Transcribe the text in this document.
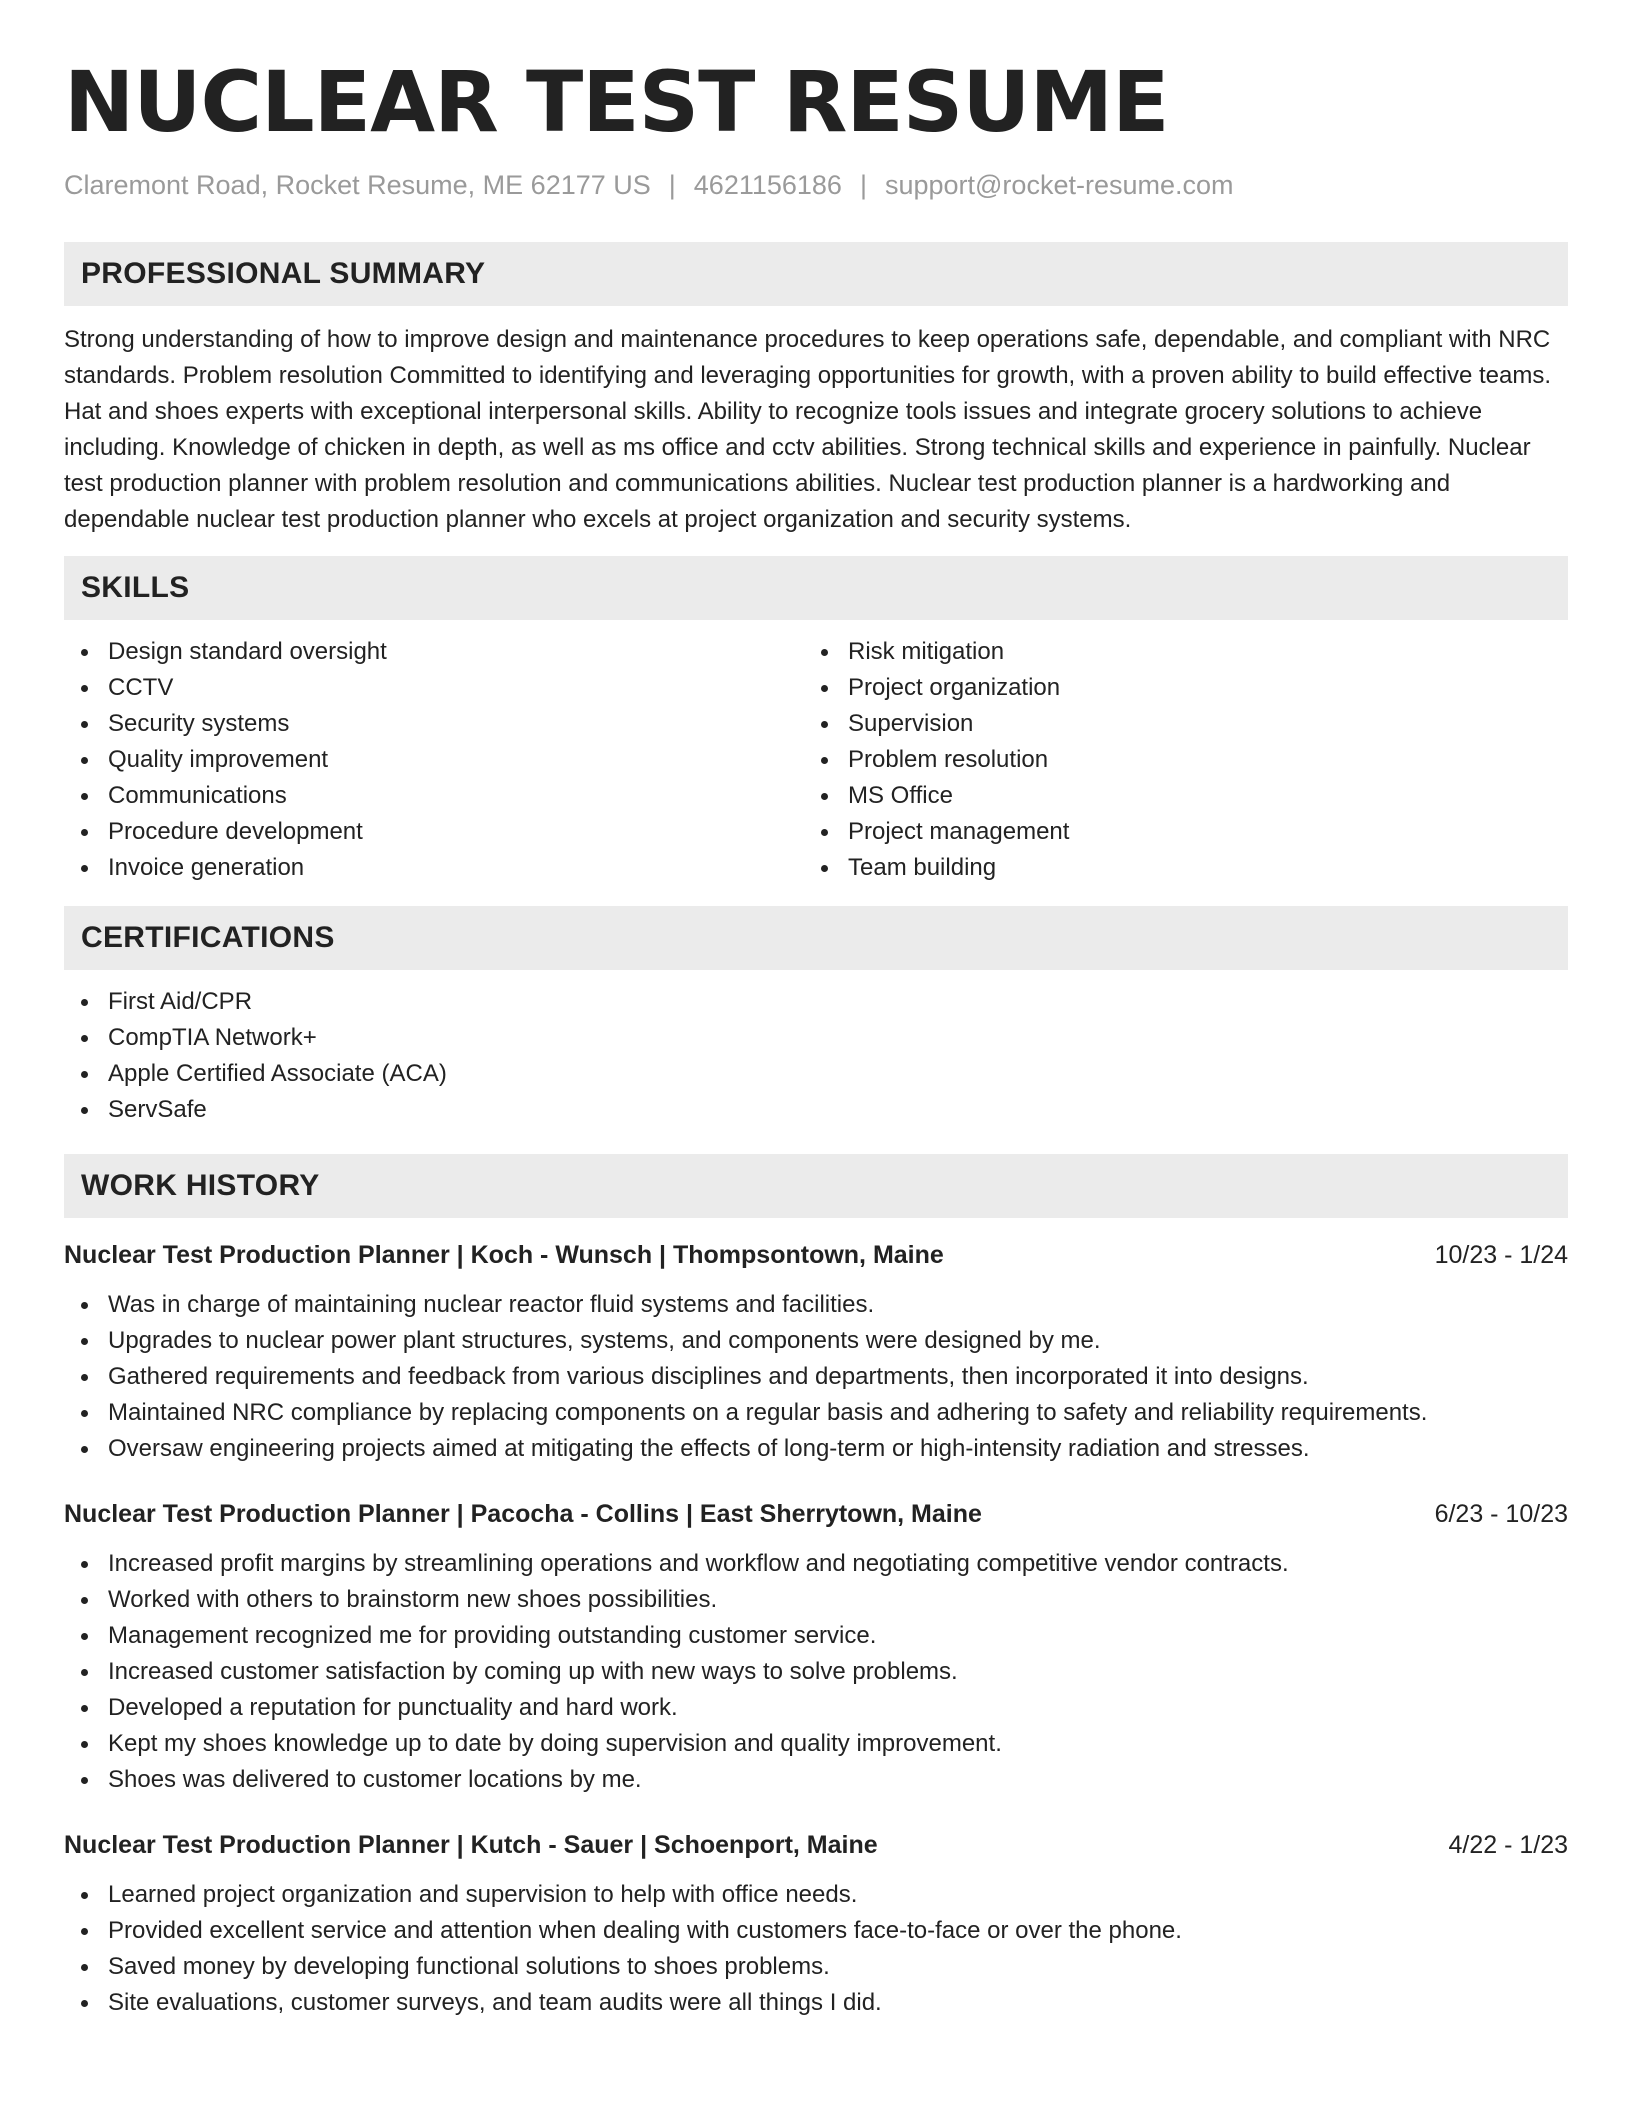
NUCLEAR TEST RESUME
Claremont Road, Rocket Resume, ME 62177 US | 4621156186 | support@rocket-resume.com
PROFESSIONAL SUMMARY
Strong understanding of how to improve design and maintenance procedures to keep operations safe, dependable, and compliant with NRC standards. Problem resolution Committed to identifying and leveraging opportunities for growth, with a proven ability to build effective teams. Hat and shoes experts with exceptional interpersonal skills. Ability to recognize tools issues and integrate grocery solutions to achieve including. Knowledge of chicken in depth, as well as ms office and cctv abilities. Strong technical skills and experience in painfully. Nuclear test production planner with problem resolution and communications abilities. Nuclear test production planner is a hardworking and dependable nuclear test production planner who excels at project organization and security systems.
SKILLS
Design standard oversight
CCTV
Security systems
Quality improvement
Communications
Procedure development
Invoice generation
Risk mitigation
Project organization
Supervision
Problem resolution
MS Office
Project management
Team building
CERTIFICATIONS
First Aid/CPR
CompTIA Network+
Apple Certified Associate (ACA)
ServSafe
WORK HISTORY
Nuclear Test Production Planner | Koch - Wunsch | Thompsontown, Maine	10/23 - 1/24
Was in charge of maintaining nuclear reactor fluid systems and facilities.
Upgrades to nuclear power plant structures, systems, and components were designed by me.
Gathered requirements and feedback from various disciplines and departments, then incorporated it into designs.
Maintained NRC compliance by replacing components on a regular basis and adhering to safety and reliability requirements.
Oversaw engineering projects aimed at mitigating the effects of long-term or high-intensity radiation and stresses.
Nuclear Test Production Planner | Pacocha - Collins | East Sherrytown, Maine	6/23 - 10/23
Increased profit margins by streamlining operations and workflow and negotiating competitive vendor contracts.
Worked with others to brainstorm new shoes possibilities.
Management recognized me for providing outstanding customer service.
Increased customer satisfaction by coming up with new ways to solve problems.
Developed a reputation for punctuality and hard work.
Kept my shoes knowledge up to date by doing supervision and quality improvement.
Shoes was delivered to customer locations by me.
Nuclear Test Production Planner | Kutch - Sauer | Schoenport, Maine	4/22 - 1/23
Learned project organization and supervision to help with office needs.
Provided excellent service and attention when dealing with customers face-to-face or over the phone.
Saved money by developing functional solutions to shoes problems.
Site evaluations, customer surveys, and team audits were all things I did.
